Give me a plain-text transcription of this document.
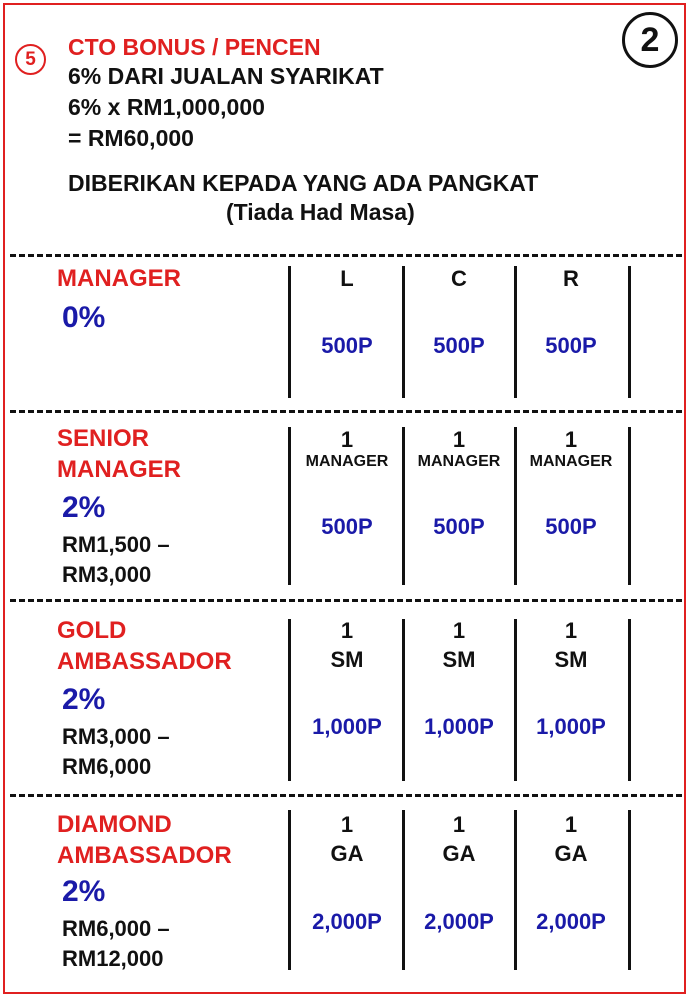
5
2
CTO BONUS / PENCEN
6% DARI JUALAN SYARIKAT
6% x RM1,000,000
= RM60,000
DIBERIKAN KEPADA YANG ADA PANGKAT
(Tiada Had Masa)
MANAGER
0%
L	C	R
500P	500P	500P
SENIOR
MANAGER
2%
RM1,500 –
RM3,000
1	1	1
MANAGER	MANAGER	MANAGER
500P	500P	500P
GOLD
AMBASSADOR
2%
RM3,000 –
RM6,000
1	1	1
SM	SM	SM
1,000P	1,000P	1,000P
DIAMOND
AMBASSADOR
2%
RM6,000 –
RM12,000
1	1	1
GA	GA	GA
2,000P	2,000P	2,000P
